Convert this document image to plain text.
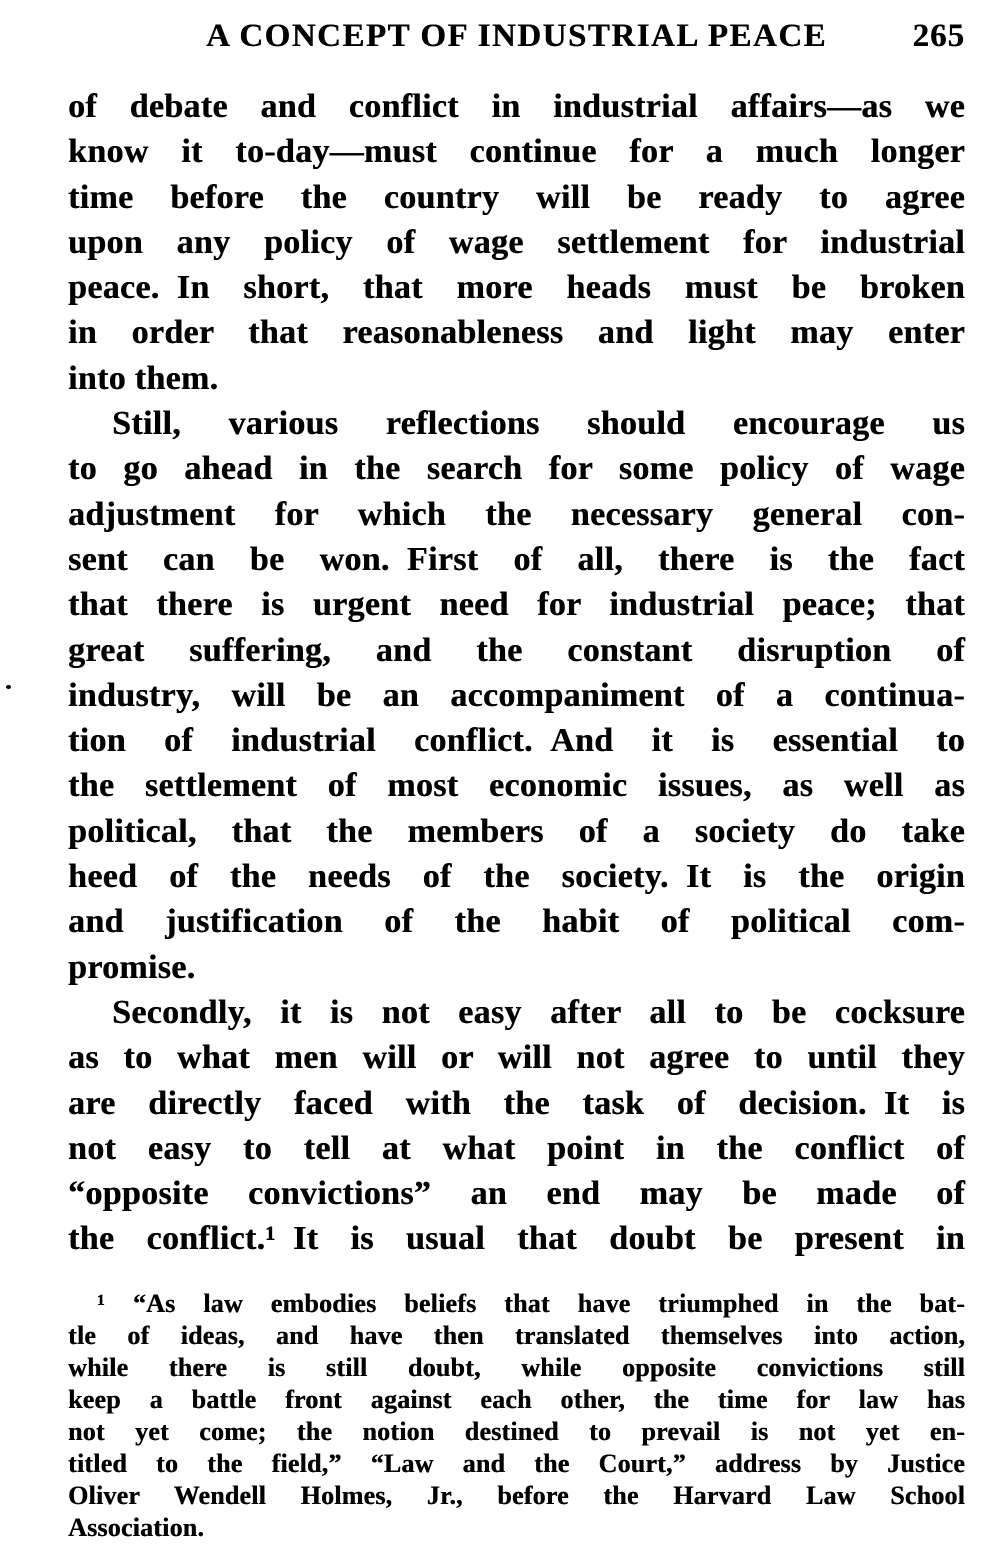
A CONCEPT OF INDUSTRIAL PEACE	265
of debate and conflict in industrial affairs—as we
know it to-day—must continue for a much longer
time before the country will be ready to agree
upon any policy of wage settlement for industrial
peace. In short, that more heads must be broken
in order that reasonableness and light may enter
into them.
Still, various reflections should encourage us
to go ahead in the search for some policy of wage
adjustment for which the necessary general con-
sent can be won. First of all, there is the fact
that there is urgent need for industrial peace; that
great suffering, and the constant disruption of
industry, will be an accompaniment of a continua-
tion of industrial conflict. And it is essential to
the settlement of most economic issues, as well as
political, that the members of a society do take
heed of the needs of the society. It is the origin
and justification of the habit of political com-
promise.
Secondly, it is not easy after all to be cocksure
as to what men will or will not agree to until they
are directly faced with the task of decision. It is
not easy to tell at what point in the conflict of
“opposite convictions” an end may be made of
the conflict.¹ It is usual that doubt be present in
¹ “As law embodies beliefs that have triumphed in the bat-
tle of ideas, and have then translated themselves into action,
while there is still doubt, while opposite convictions still
keep a battle front against each other, the time for law has
not yet come; the notion destined to prevail is not yet en-
titled to the field,” “Law and the Court,” address by Justice
Oliver Wendell Holmes, Jr., before the Harvard Law School
Association.
